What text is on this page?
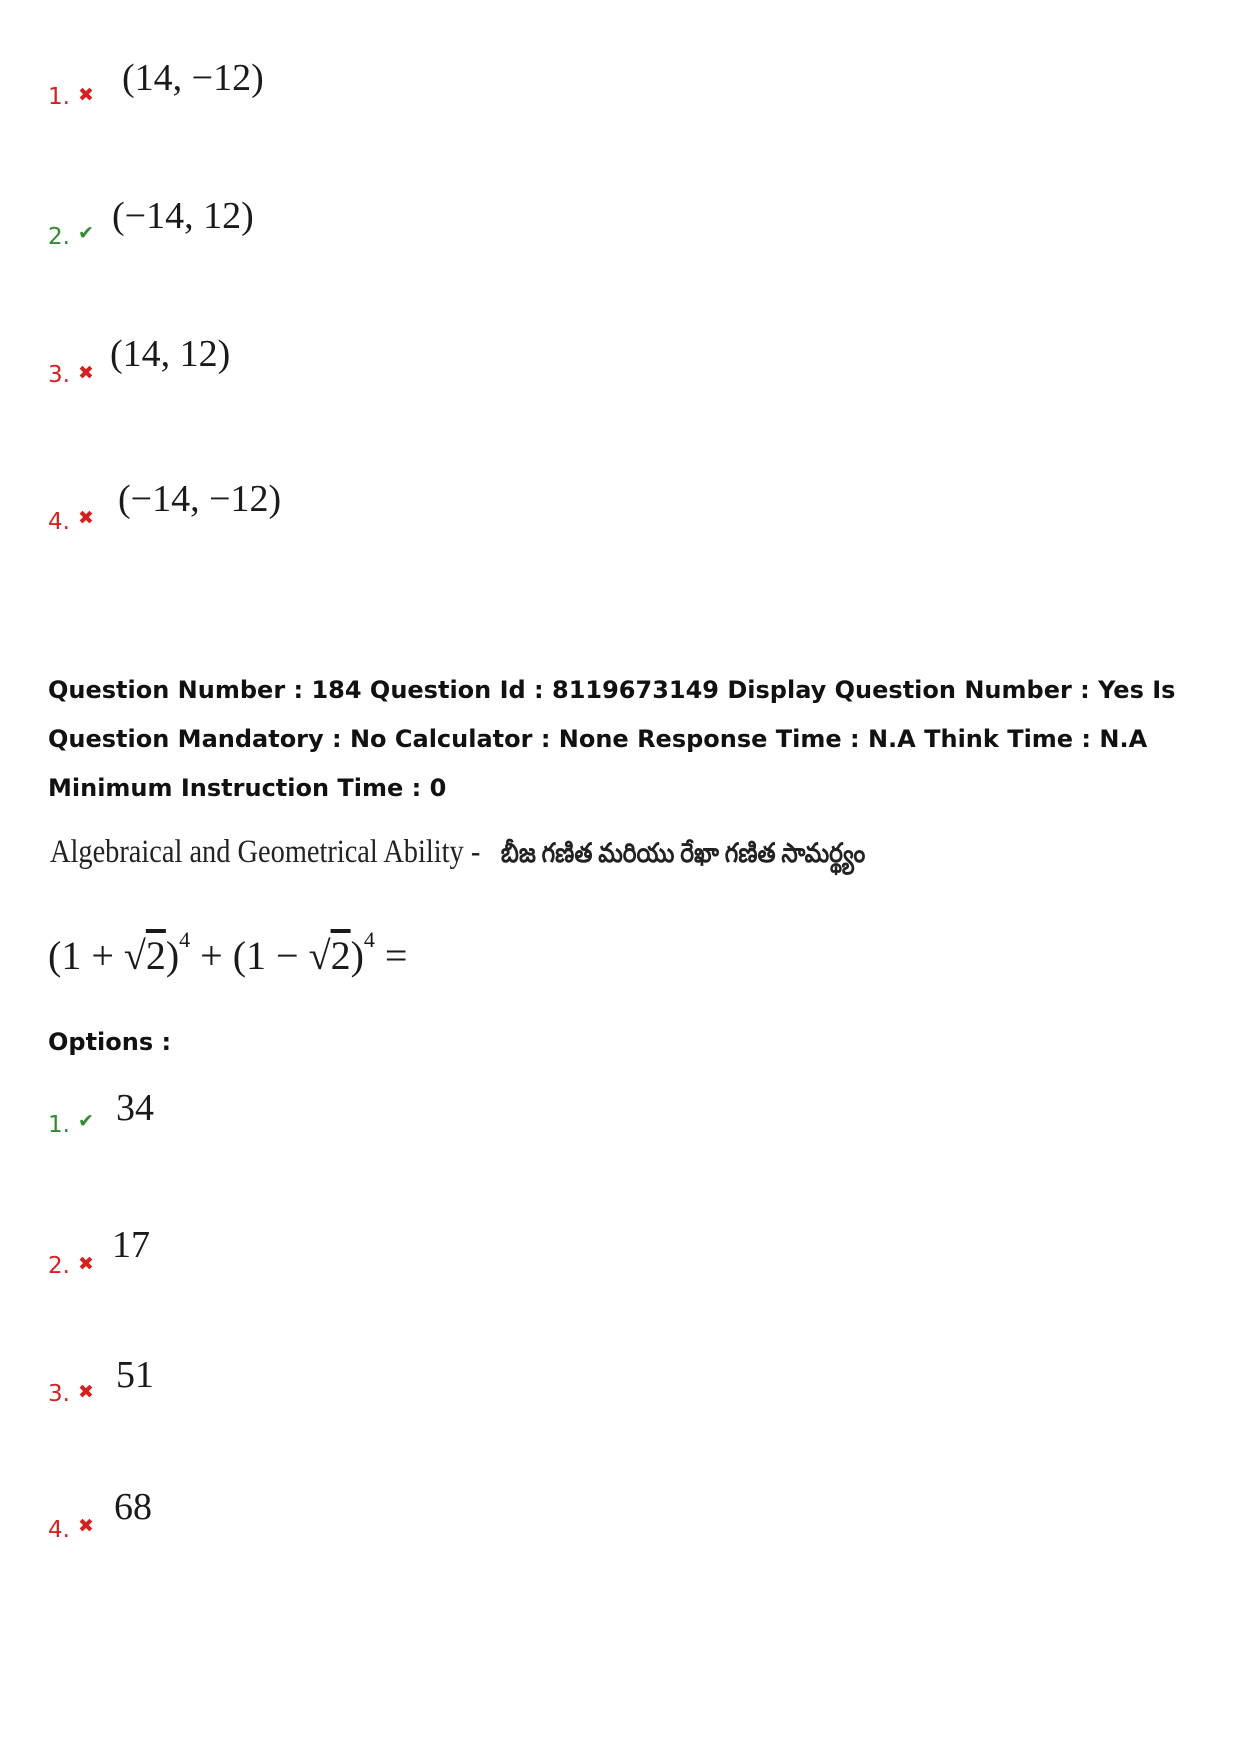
1. ✖ (14, −12)
2. ✔ (−14, 12)
3. ✖ (14, 12)
4. ✖ (−14, −12)
Question Number : 184 Question Id : 8119673149 Display Question Number : Yes Is Question Mandatory : No Calculator : None Response Time : N.A Think Time : N.A Minimum Instruction Time : 0
Algebraical and Geometrical Ability - బీజ గణిత మరియు రేఖా గణిత సామర్థ్యం
$(1 + √2)^4 + (1 - √2)^4$ =
Options :
1. ✔ 34
2. ✖ 17
3. ✖ 51
4. ✖ 68
